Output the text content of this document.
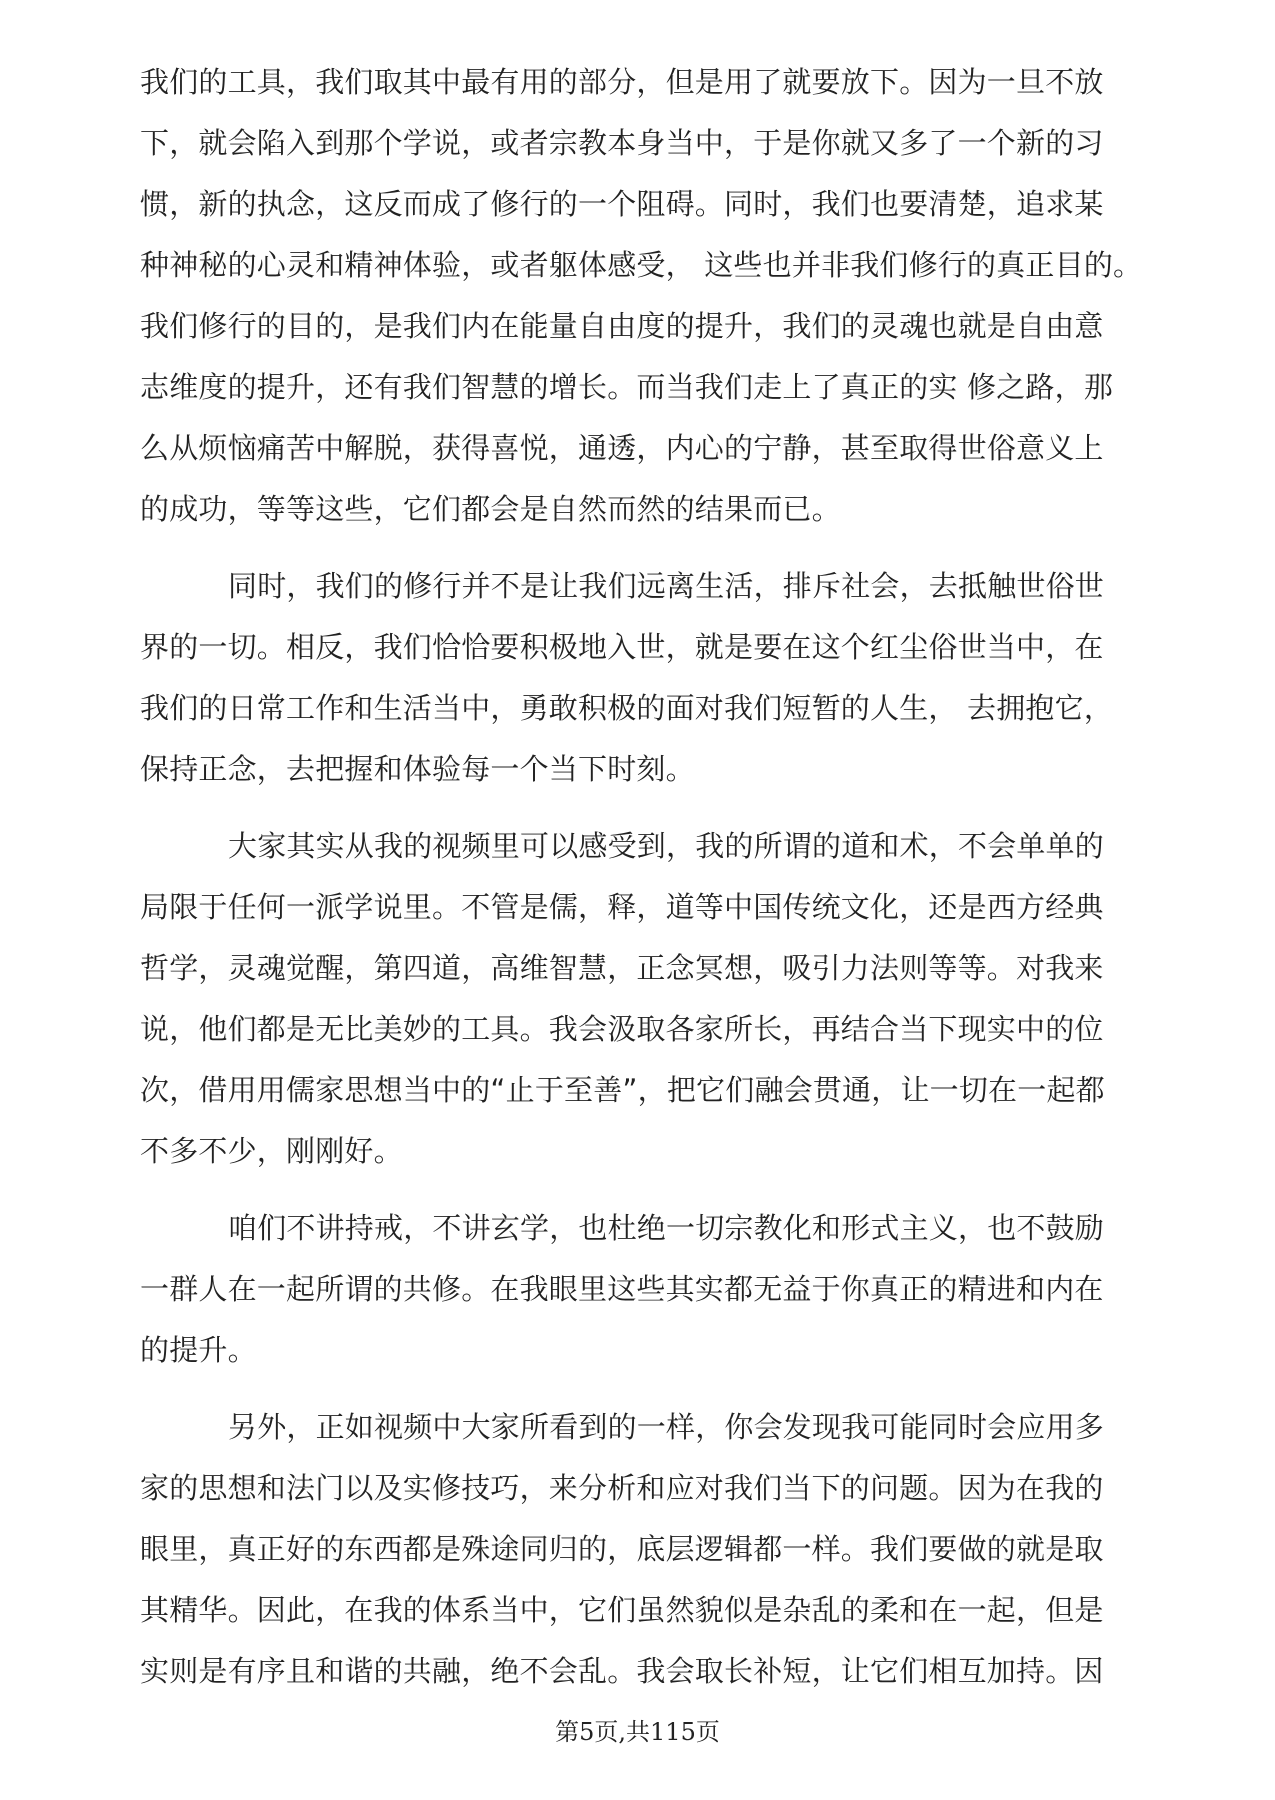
我们的工具，我们取其中最有用的部分，但是用了就要放下。因为一旦不放
下，就会陷入到那个学说，或者宗教本身当中，于是你就又多了一个新的习
惯，新的执念，这反而成了修行的一个阻碍。同时，我们也要清楚，追求某
种神秘的心灵和精神体验，或者躯体感受， 这些也并非我们修行的真正目的。
我们修行的目的，是我们内在能量自由度的提升，我们的灵魂也就是自由意
志维度的提升，还有我们智慧的增长。而当我们走上了真正的实 修之路，那
么从烦恼痛苦中解脱，获得喜悦，通透，内心的宁静，甚至取得世俗意义上
的成功，等等这些，它们都会是自然而然的结果而已。
同时，我们的修行并不是让我们远离生活，排斥社会，去抵触世俗世
界的一切。相反，我们恰恰要积极地入世，就是要在这个红尘俗世当中，在
我们的日常工作和生活当中，勇敢积极的面对我们短暂的人生， 去拥抱它，
保持正念，去把握和体验每一个当下时刻。
大家其实从我的视频里可以感受到，我的所谓的道和术，不会单单的
局限于任何一派学说里。不管是儒，释，道等中国传统文化，还是西方经典
哲学，灵魂觉醒，第四道，高维智慧，正念冥想，吸引力法则等等。对我来
说，他们都是无比美妙的工具。我会汲取各家所长，再结合当下现实中的位
次，借用用儒家思想当中的“止于至善”，把它们融会贯通，让一切在一起都
不多不少，刚刚好。
咱们不讲持戒，不讲玄学，也杜绝一切宗教化和形式主义，也不鼓励
一群人在一起所谓的共修。在我眼里这些其实都无益于你真正的精进和内在
的提升。
另外，正如视频中大家所看到的一样，你会发现我可能同时会应用多
家的思想和法门以及实修技巧，来分析和应对我们当下的问题。因为在我的
眼里，真正好的东西都是殊途同归的，底层逻辑都一样。我们要做的就是取
其精华。因此，在我的体系当中，它们虽然貌似是杂乱的柔和在一起，但是
实则是有序且和谐的共融，绝不会乱。我会取长补短，让它们相互加持。因
第5页,共115页
